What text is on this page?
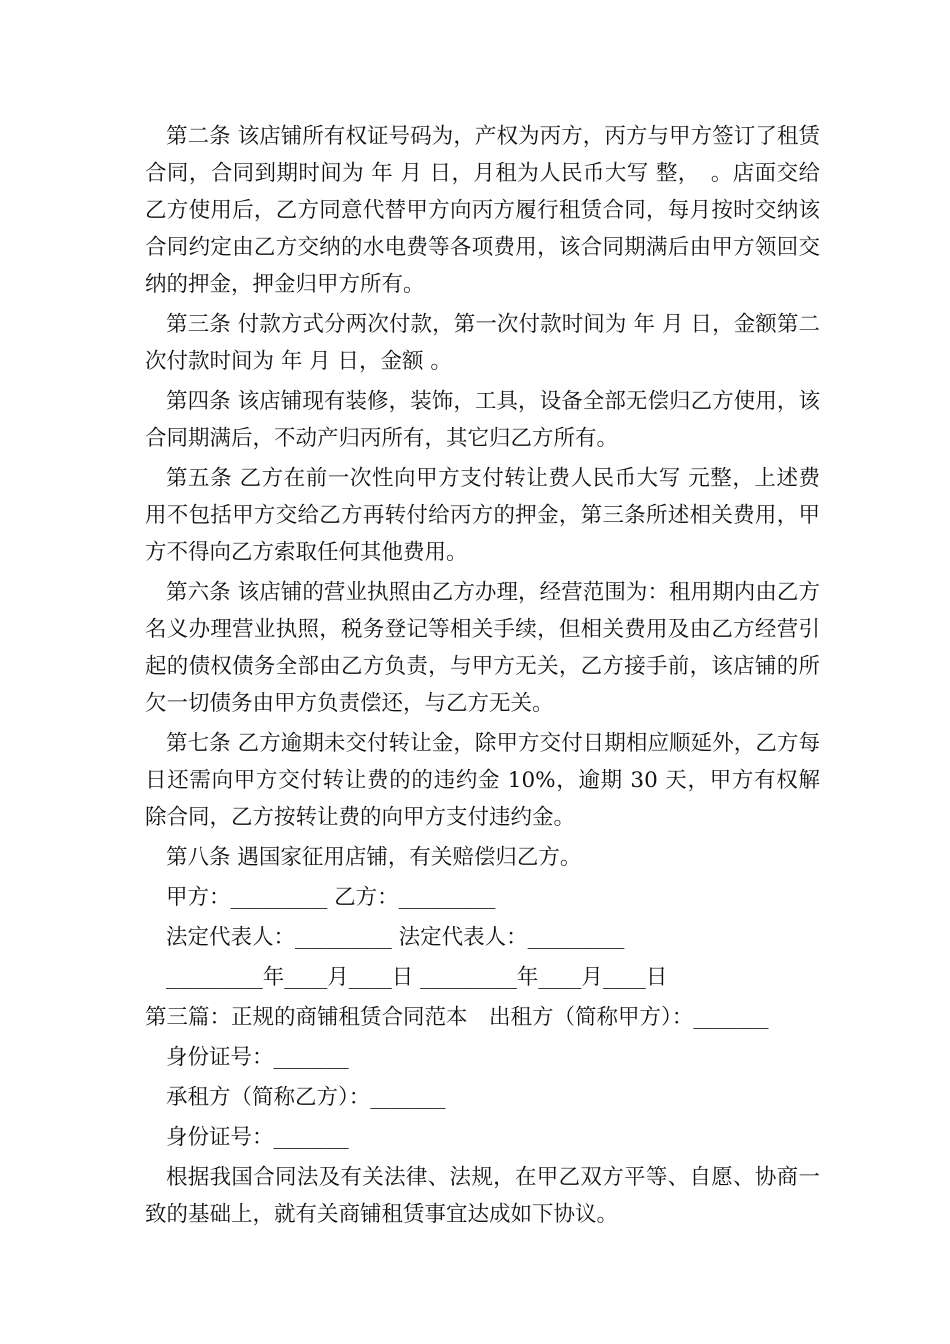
第二条 该店铺所有权证号码为，产权为丙方，丙方与甲方签订了租赁合同，合同到期时间为 年 月 日，月租为人民币大写 整，　。店面交给乙方使用后，乙方同意代替甲方向丙方履行租赁合同，每月按时交纳该合同约定由乙方交纳的水电费等各项费用，该合同期满后由甲方领回交纳的押金，押金归甲方所有。

第三条 付款方式分两次付款，第一次付款时间为 年 月 日，金额第二次付款时间为 年 月 日，金额 。

第四条 该店铺现有装修，装饰，工具，设备全部无偿归乙方使用，该合同期满后，不动产归丙所有，其它归乙方所有。

第五条 乙方在前一次性向甲方支付转让费人民币大写 元整，上述费用不包括甲方交给乙方再转付给丙方的押金，第三条所述相关费用，甲方不得向乙方索取任何其他费用。

第六条 该店铺的营业执照由乙方办理，经营范围为：租用期内由乙方名义办理营业执照，税务登记等相关手续，但相关费用及由乙方经营引起的债权债务全部由乙方负责，与甲方无关，乙方接手前，该店铺的所欠一切债务由甲方负责偿还，与乙方无关。

第七条 乙方逾期未交付转让金，除甲方交付日期相应顺延外，乙方每日还需向甲方交付转让费的的违约金 10%，逾期 30 天，甲方有权解除合同，乙方按转让费的向甲方支付违约金。

第八条 遇国家征用店铺，有关赔偿归乙方。

甲方：_________ 乙方：_________
法定代表人：_________ 法定代表人：_________
_________年____月____日 _________年____月____日
第三篇：正规的商铺租赁合同范本　出租方（简称甲方）：_______
身份证号：_______
承租方（简称乙方）：_______
身份证号：_______

根据我国合同法及有关法律、法规，在甲乙双方平等、自愿、协商一致的基础上，就有关商铺租赁事宜达成如下协议。
